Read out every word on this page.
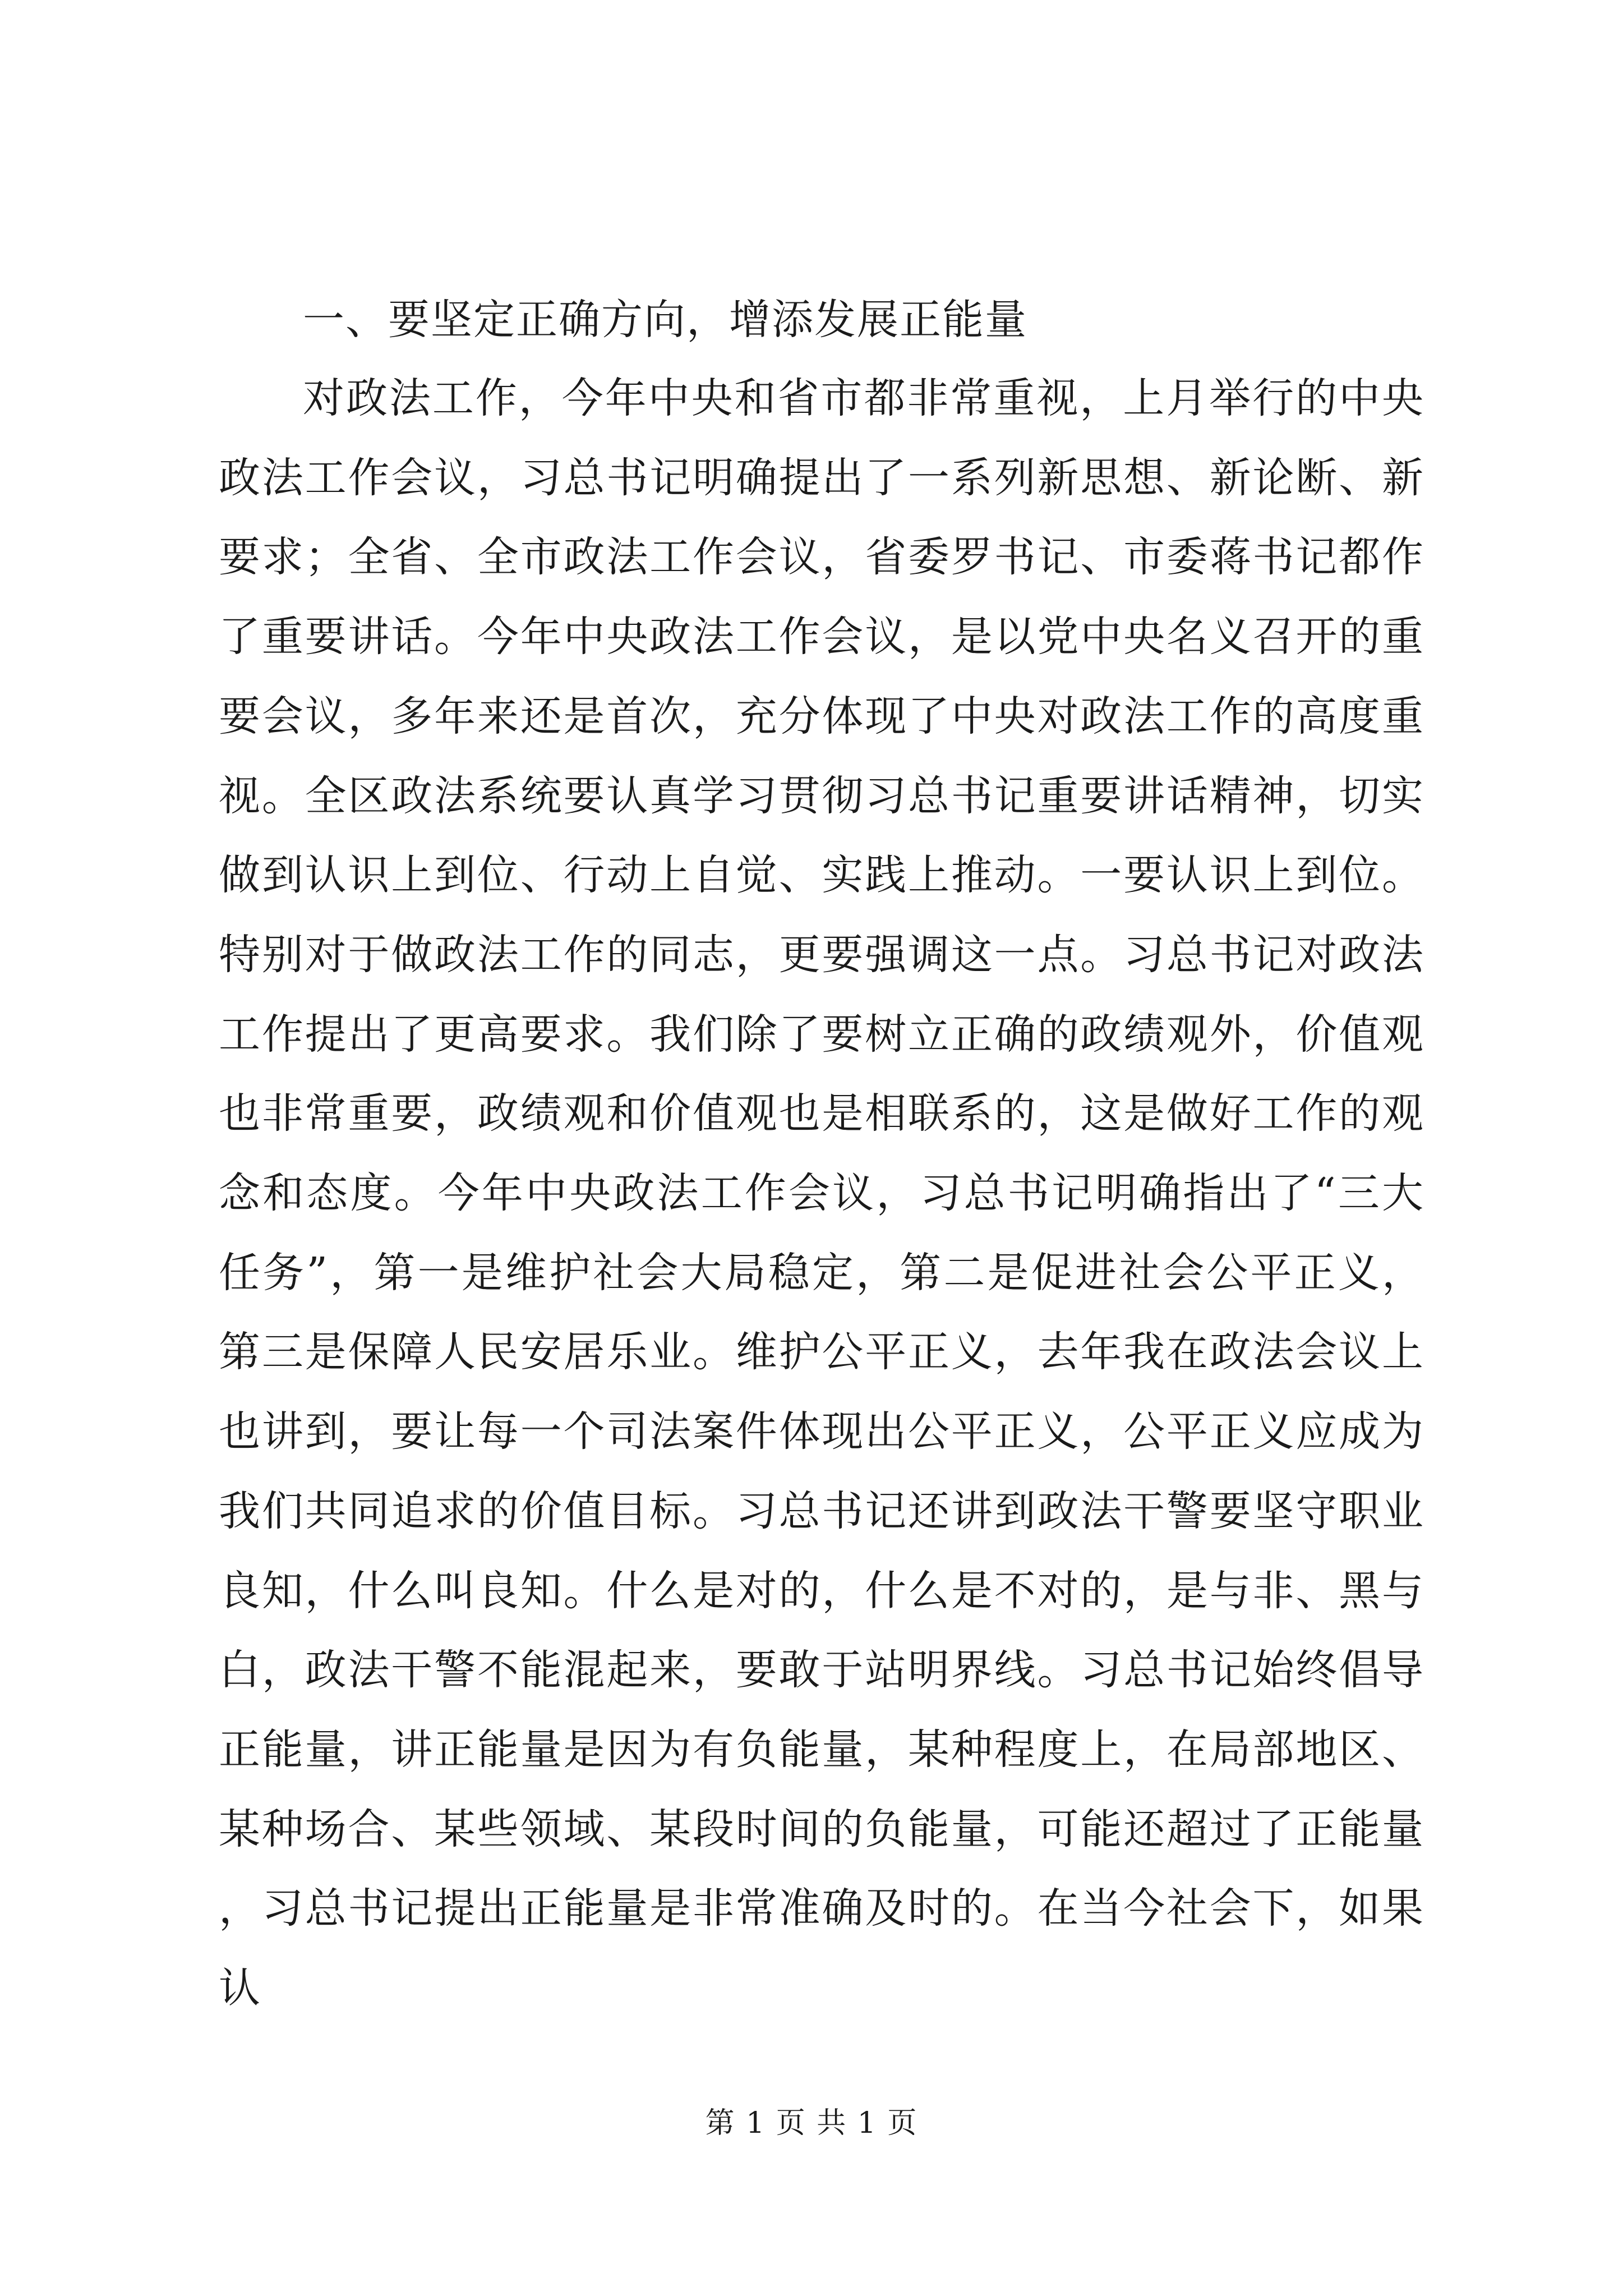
一、要坚定正确方向，增添发展正能量

对政法工作，今年中央和省市都非常重视，上月举行的中央政法工作会议，习总书记明确提出了一系列新思想、新论断、新要求；全省、全市政法工作会议，省委罗书记、市委蒋书记都作了重要讲话。今年中央政法工作会议，是以党中央名义召开的重要会议，多年来还是首次，充分体现了中央对政法工作的高度重视。全区政法系统要认真学习贯彻习总书记重要讲话精神，切实做到认识上到位、行动上自觉、实践上推动。一要认识上到位。特别对于做政法工作的同志，更要强调这一点。习总书记对政法工作提出了更高要求。我们除了要树立正确的政绩观外，价值观也非常重要，政绩观和价值观也是相联系的，这是做好工作的观念和态度。今年中央政法工作会议，习总书记明确指出了“三大任务”，第一是维护社会大局稳定，第二是促进社会公平正义，第三是保障人民安居乐业。维护公平正义，去年我在政法会议上也讲到，要让每一个司法案件体现出公平正义，公平正义应成为我们共同追求的价值目标。习总书记还讲到政法干警要坚守职业良知，什么叫良知。什么是对的，什么是不对的，是与非、黑与白，政法干警不能混起来，要敢于站明界线。习总书记始终倡导正能量，讲正能量是因为有负能量，某种程度上，在局部地区、某种场合、某些领域、某段时间的负能量，可能还超过了正能量，习总书记提出正能量是非常准确及时的。在当今社会下，如果认

第 1 页 共 1 页
